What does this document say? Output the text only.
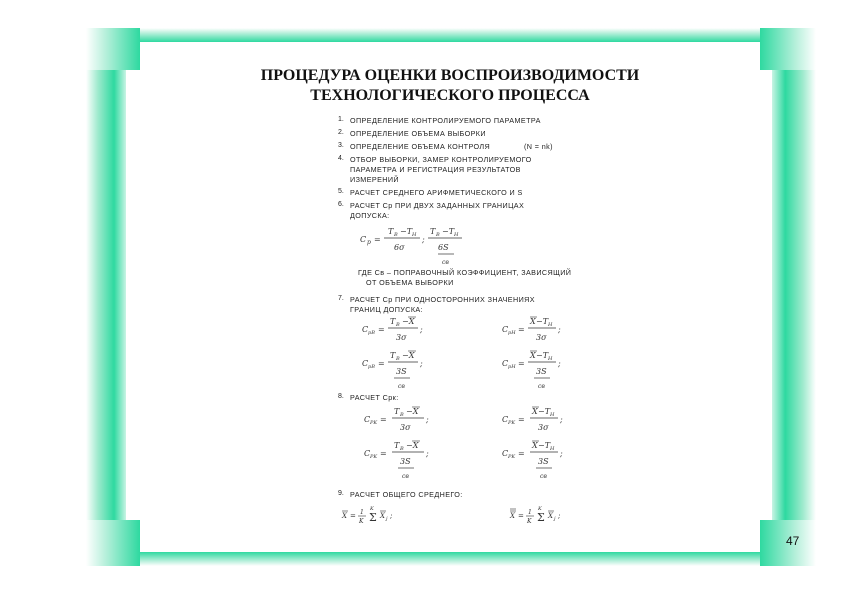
ПРОЦЕДУРА ОЦЕНКИ ВОСПРОИЗВОДИМОСТИ
ТЕХНОЛОГИЧЕСКОГО ПРОЦЕССА
1. ОПРЕДЕЛЕНИЕ КОНТРОЛИРУЕМОГО ПАРАМЕТРА
2. ОПРЕДЕЛЕНИЕ ОБЪЕМА ВЫБОРКИ
3. ОПРЕДЕЛЕНИЕ ОБЪЕМА КОНТРОЛЯ	(N = nk)
4. ОТБОР ВЫБОРКИ, ЗАМЕР КОНТРОЛИРУЕМОГО
ПАРАМЕТРА И РЕГИСТРАЦИЯ РЕЗУЛЬТАТОВ
ИЗМЕРЕНИЙ
5. РАСЧЕТ СРЕДНЕГО АРИФМЕТИЧЕСКОГО И S
6. РАСЧЕТ Cp ПРИ ДВУХ ЗАДАННЫХ ГРАНИЦАХ
ДОПУСКА:
C p =
T B −T H
6σ
;
T B −T H
6S
cв
ГДЕ Cв – ПОПРАВОЧНЫЙ КОЭФФИЦИЕНТ, ЗАВИСЯЩИЙ
ОТ ОБЪЕМА ВЫБОРКИ
7. РАСЧЕТ Cp ПРИ ОДНОСТОРОННИХ ЗНАЧЕНИЯХ
ГРАНИЦ ДОПУСКА:
C pB =
T B −X
3σ
;	C pH =
X −T H
3σ
;
C pB =
T B −X
3S
;
cв
C pH =
X −T H
3S
;
cв
8. РАСЧЕТ Cрк:
C PK =
T B −X
3σ
;	C PK =
X −T H
3σ
;
C PK =
T B −X
3S
;
cв
C PK =
X −T H
3S
;
cв
9. РАСЧЕТ ОБЩЕГО СРЕДНЕГО:
X = 1
K Σ
K
X j ;	X = 1
K Σ
K
X j ;
47
